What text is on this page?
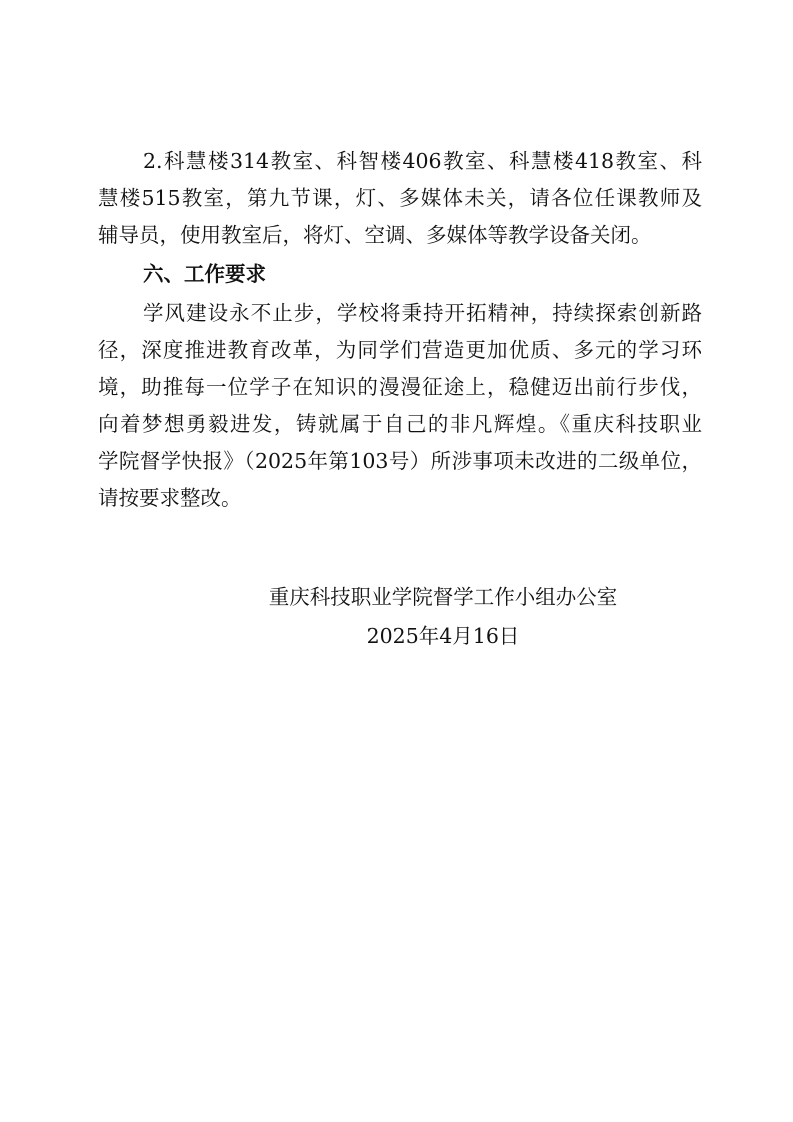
2.科慧楼314教室、科智楼406教室、科慧楼418教室、科
慧楼515教室，第九节课，灯、多媒体未关，请各位任课教师及
辅导员，使用教室后，将灯、空调、多媒体等教学设备关闭。
六、工作要求
学风建设永不止步，学校将秉持开拓精神，持续探索创新路
径，深度推进教育改革，为同学们营造更加优质、多元的学习环
境，助推每一位学子在知识的漫漫征途上，稳健迈出前行步伐，
向着梦想勇毅进发，铸就属于自己的非凡辉煌。《重庆科技职业
学院督学快报》（2025年第103号）所涉事项未改进的二级单位，
请按要求整改。
重庆科技职业学院督学工作小组办公室
2025年4月16日
